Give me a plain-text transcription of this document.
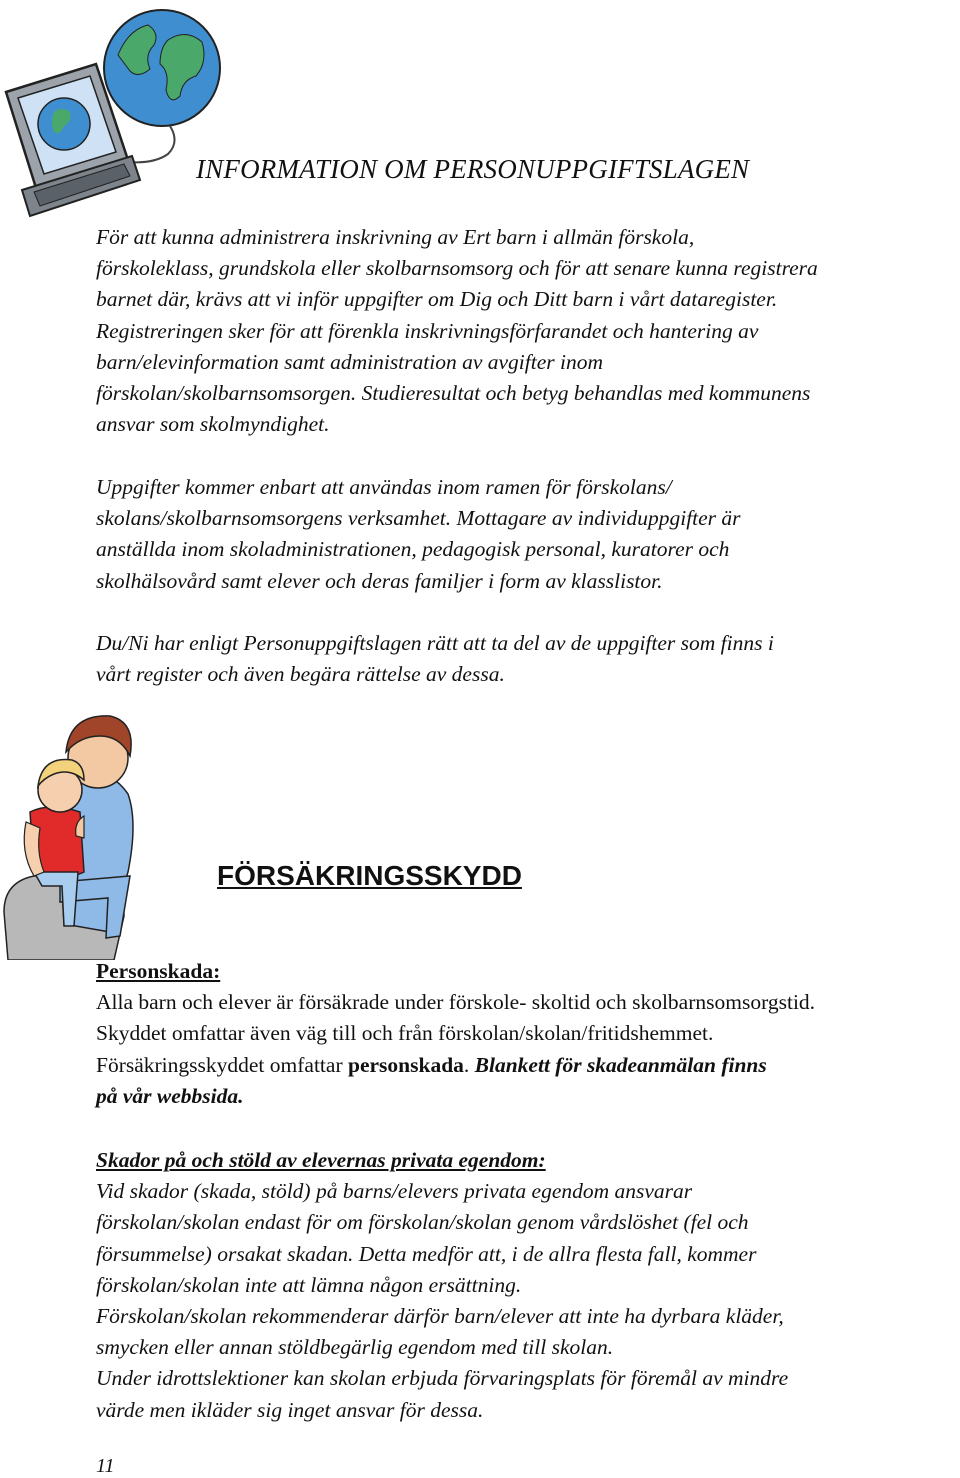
INFORMATION OM PERSONUPPGIFTSLAGEN
För att kunna administrera inskrivning av Ert barn i allmän förskola,
förskoleklass, grundskola eller skolbarnsomsorg och för att senare kunna registrera
barnet där, krävs att vi inför uppgifter om Dig och Ditt barn i vårt dataregister.
Registreringen sker för att förenkla inskrivningsförfarandet och hantering av
barn/elevinformation samt administration av avgifter inom
förskolan/skolbarnsomsorgen. Studieresultat och betyg behandlas med kommunens
ansvar som skolmyndighet.
Uppgifter kommer enbart att användas inom ramen för förskolans/
skolans/skolbarnsomsorgens verksamhet. Mottagare av individuppgifter är
anställda inom skoladministrationen, pedagogisk personal, kuratorer och
skolhälsovård samt elever och deras familjer i form av klasslistor.
Du/Ni har enligt Personuppgiftslagen rätt att ta del av de uppgifter som finns i
vårt register och även begära rättelse av dessa.
FÖRSÄKRINGSSKYDD
Personskada:
Alla barn och elever är försäkrade under förskole- skoltid och skolbarnsomsorgstid.
Skyddet omfattar även väg till och från förskolan/skolan/fritidshemmet.
Försäkringsskyddet omfattar personskada. Blankett för skadeanmälan finns
på vår webbsida.
Skador på och stöld av elevernas privata egendom:
Vid skador (skada, stöld) på barns/elevers privata egendom ansvarar
förskolan/skolan endast för om förskolan/skolan genom vårdslöshet (fel och
försummelse) orsakat skadan. Detta medför att, i de allra flesta fall, kommer
förskolan/skolan inte att lämna någon ersättning.
Förskolan/skolan rekommenderar därför barn/elever att inte ha dyrbara kläder,
smycken eller annan stöldbegärlig egendom med till skolan.
Under idrottslektioner kan skolan erbjuda förvaringsplats för föremål av mindre
värde men ikläder sig inget ansvar för dessa.
11
